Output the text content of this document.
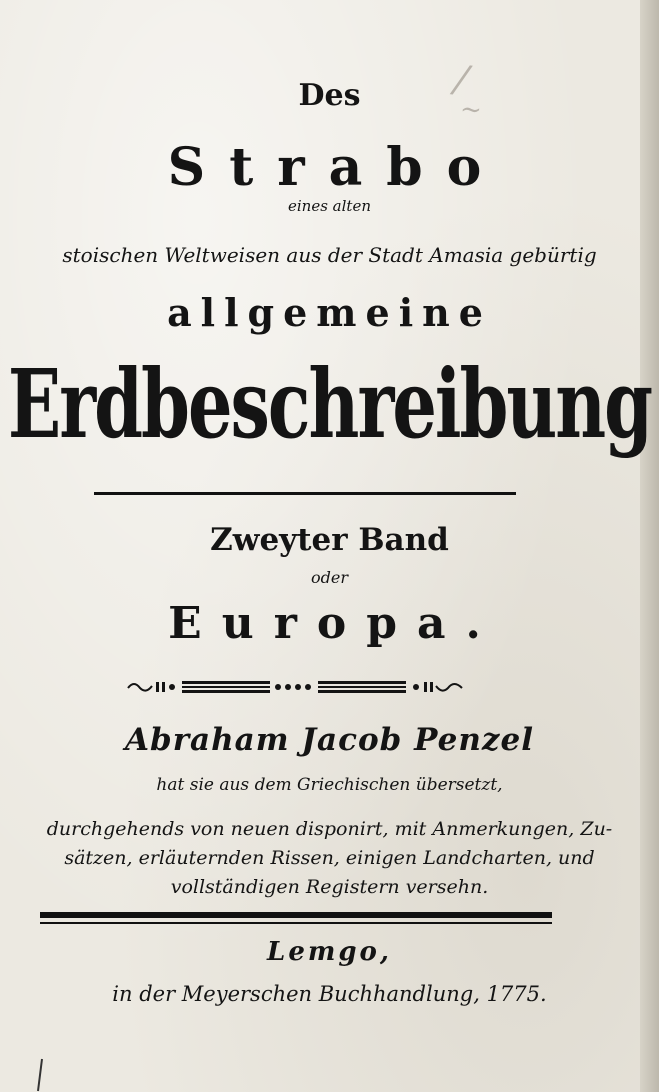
/
~
Des
Strabo
eines alten
stoischen Weltweisen aus der Stadt Amasia gebürtig
allgemeine
Erdbeschreibung
Zweyter Band
oder
Europa.
Abraham Jacob Penzel
hat sie aus dem Griechischen übersetzt,
durchgehends von neuen disponirt, mit Anmerkungen, Zu-
sätzen, erläuternden Rissen, einigen Landcharten, und
vollständigen Registern versehn.
Lemgo,
in der Meyerschen Buchhandlung, 1775.
